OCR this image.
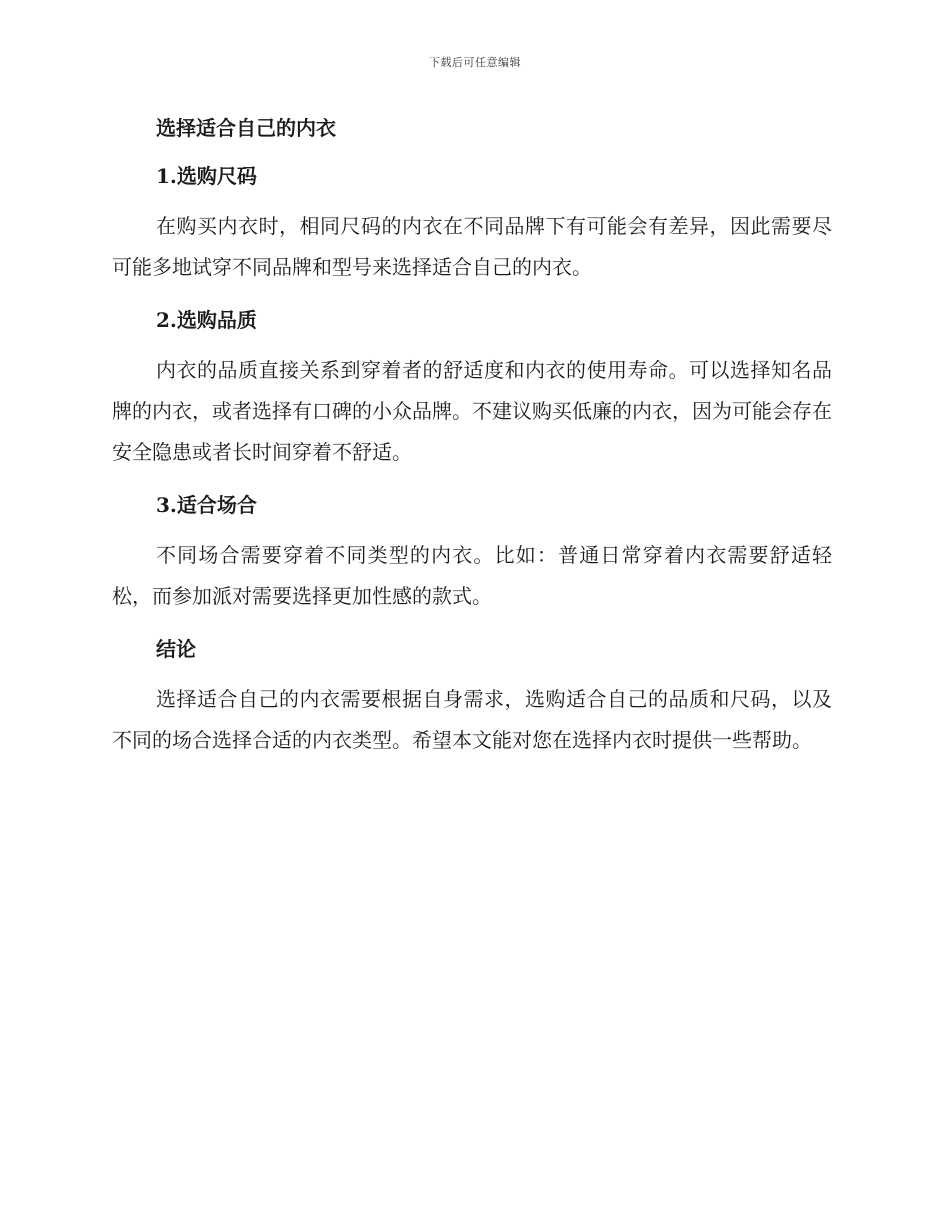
下载后可任意编辑
选择适合自己的内衣
1.选购尺码

在购买内衣时，相同尺码的内衣在不同品牌下有可能会有差异，因此需要尽可能多地试穿不同品牌和型号来选择适合自己的内衣。

2.选购品质

内衣的品质直接关系到穿着者的舒适度和内衣的使用寿命。可以选择知名品牌的内衣，或者选择有口碑的小众品牌。不建议购买低廉的内衣，因为可能会存在安全隐患或者长时间穿着不舒适。

3.适合场合

不同场合需要穿着不同类型的内衣。比如：普通日常穿着内衣需要舒适轻松，而参加派对需要选择更加性感的款式。

结论

选择适合自己的内衣需要根据自身需求，选购适合自己的品质和尺码，以及不同的场合选择合适的内衣类型。希望本文能对您在选择内衣时提供一些帮助。
